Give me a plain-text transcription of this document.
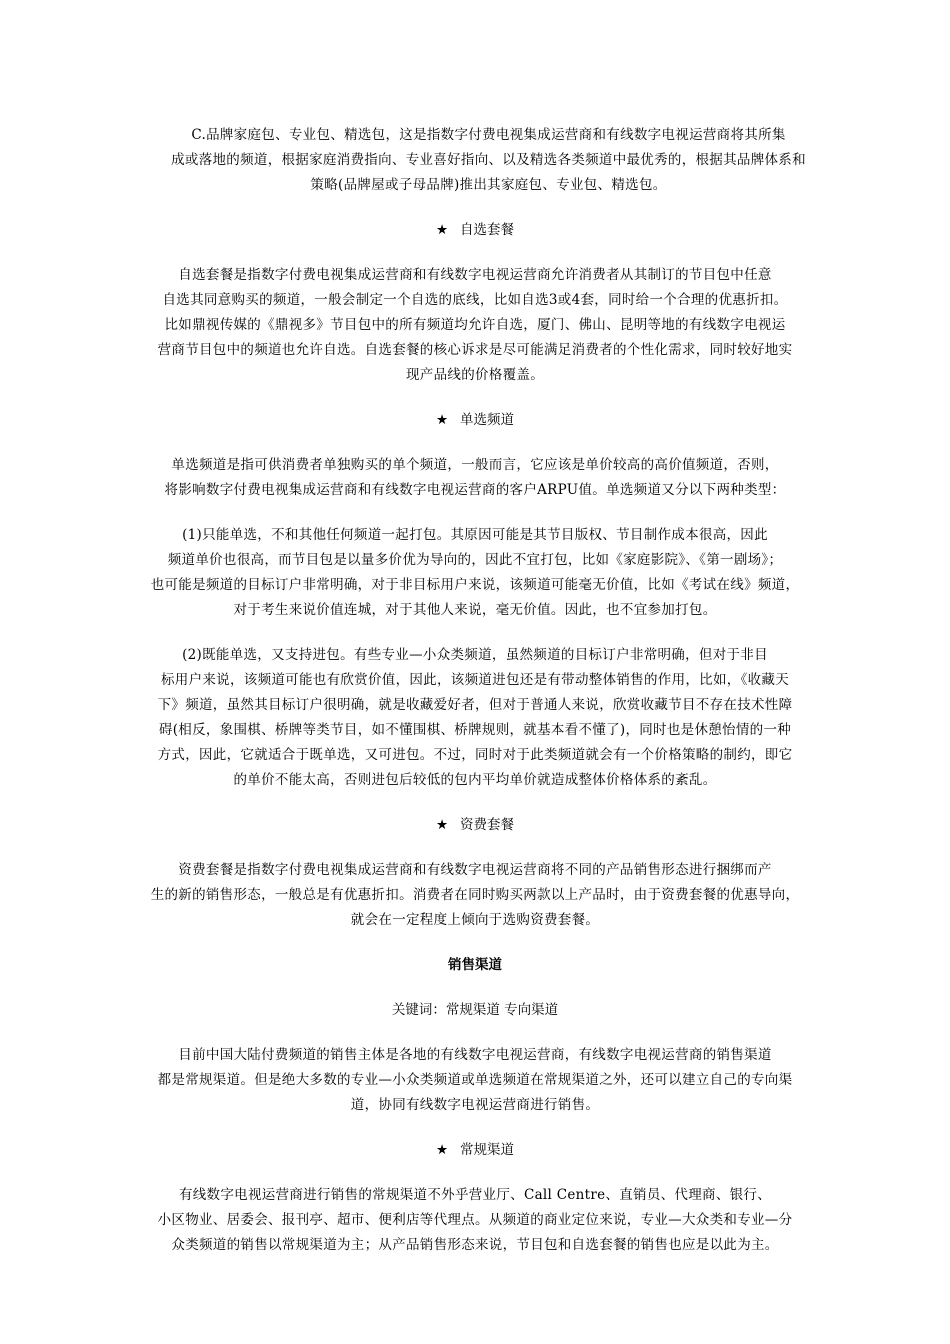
C.品牌家庭包、专业包、精选包，这是指数字付费电视集成运营商和有线数字电视运营商将其所集
成或落地的频道，根据家庭消费指向、专业喜好指向、以及精选各类频道中最优秀的，根据其品牌体系和
策略(品牌屋或子母品牌)推出其家庭包、专业包、精选包。

★ 自选套餐

自选套餐是指数字付费电视集成运营商和有线数字电视运营商允许消费者从其制订的节目包中任意
自选其同意购买的频道，一般会制定一个自选的底线，比如自选3或4套，同时给一个合理的优惠折扣。
比如鼎视传媒的《鼎视多》节目包中的所有频道均允许自选，厦门、佛山、昆明等地的有线数字电视运
营商节目包中的频道也允许自选。自选套餐的核心诉求是尽可能满足消费者的个性化需求，同时较好地实
现产品线的价格覆盖。

★ 单选频道

单选频道是指可供消费者单独购买的单个频道，一般而言，它应该是单价较高的高价值频道，否则，
将影响数字付费电视集成运营商和有线数字电视运营商的客户ARPU值。单选频道又分以下两种类型：

(1)只能单选，不和其他任何频道一起打包。其原因可能是其节目版权、节目制作成本很高，因此
频道单价也很高，而节目包是以量多价优为导向的，因此不宜打包，比如《家庭影院》、《第一剧场》；
也可能是频道的目标订户非常明确，对于非目标用户来说，该频道可能毫无价值，比如《考试在线》频道，
对于考生来说价值连城，对于其他人来说，毫无价值。因此，也不宜参加打包。

(2)既能单选，又支持进包。有些专业—小众类频道，虽然频道的目标订户非常明确，但对于非目
标用户来说，该频道可能也有欣赏价值，因此，该频道进包还是有带动整体销售的作用，比如，《收藏天
下》频道，虽然其目标订户很明确，就是收藏爱好者，但对于普通人来说，欣赏收藏节目不存在技术性障
碍(相反，象围棋、桥牌等类节目，如不懂围棋、桥牌规则，就基本看不懂了)，同时也是休憩怡情的一种
方式，因此，它就适合于既单选，又可进包。不过，同时对于此类频道就会有一个价格策略的制约，即它
的单价不能太高，否则进包后较低的包内平均单价就造成整体价格体系的紊乱。

★ 资费套餐

资费套餐是指数字付费电视集成运营商和有线数字电视运营商将不同的产品销售形态进行捆绑而产
生的新的销售形态，一般总是有优惠折扣。消费者在同时购买两款以上产品时，由于资费套餐的优惠导向，
就会在一定程度上倾向于选购资费套餐。

销售渠道
关键词：常规渠道 专向渠道

目前中国大陆付费频道的销售主体是各地的有线数字电视运营商，有线数字电视运营商的销售渠道
都是常规渠道。但是绝大多数的专业—小众类频道或单选频道在常规渠道之外，还可以建立自己的专向渠
道，协同有线数字电视运营商进行销售。

★ 常规渠道

有线数字电视运营商进行销售的常规渠道不外乎营业厅、Call Centre、直销员、代理商、银行、
小区物业、居委会、报刊亭、超市、便利店等代理点。从频道的商业定位来说，专业—大众类和专业—分
众类频道的销售以常规渠道为主；从产品销售形态来说，节目包和自选套餐的销售也应是以此为主。
